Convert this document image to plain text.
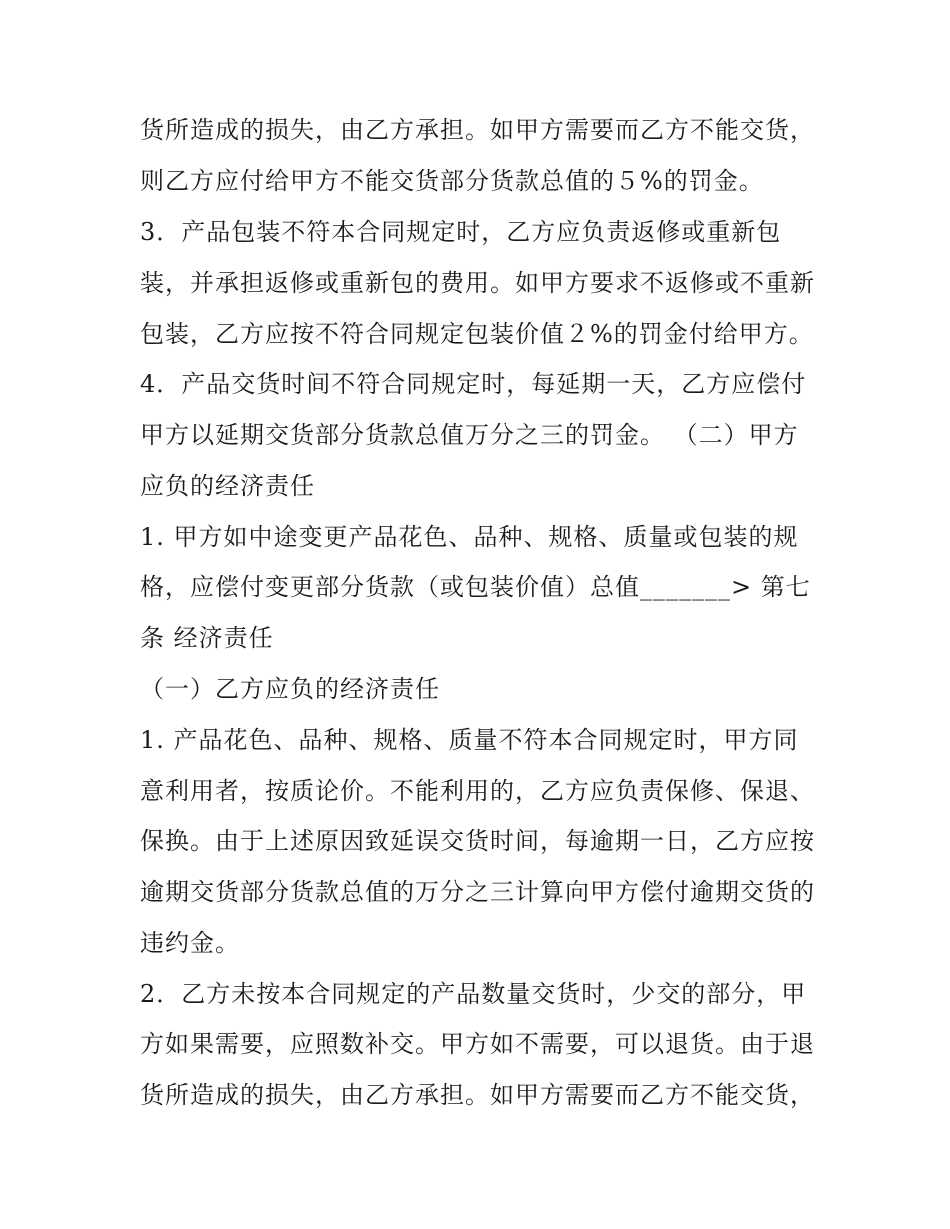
货所造成的损失，由乙方承担。如甲方需要而乙方不能交货，
则乙方应付给甲方不能交货部分货款总值的５%的罚金。
3．产品包装不符本合同规定时，乙方应负责返修或重新包
装，并承担返修或重新包的费用。如甲方要求不返修或不重新
包装，乙方应按不符合同规定包装价值２%的罚金付给甲方。
4．产品交货时间不符合同规定时，每延期一天，乙方应偿付
甲方以延期交货部分货款总值万分之三的罚金。 （二）甲方
应负的经济责任
1. 甲方如中途变更产品花色、品种、规格、质量或包装的规
格，应偿付变更部分货款（或包装价值）总值_______> 第七
条 经济责任
（一）乙方应负的经济责任
1. 产品花色、品种、规格、质量不符本合同规定时，甲方同
意利用者，按质论价。不能利用的，乙方应负责保修、保退、
保换。由于上述原因致延误交货时间，每逾期一日，乙方应按
逾期交货部分货款总值的万分之三计算向甲方偿付逾期交货的
违约金。
2．乙方未按本合同规定的产品数量交货时，少交的部分，甲
方如果需要，应照数补交。甲方如不需要，可以退货。由于退
货所造成的损失，由乙方承担。如甲方需要而乙方不能交货，
